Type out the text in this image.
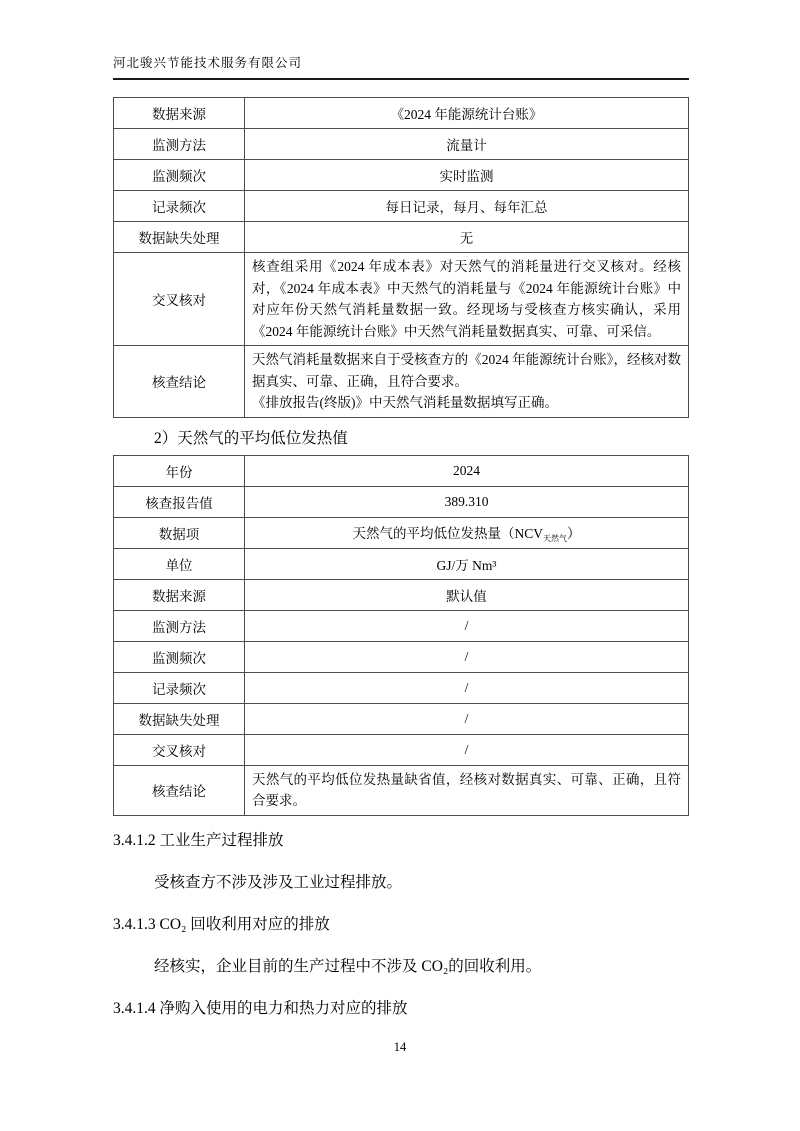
河北骏兴节能技术服务有限公司
数据来源	《2024 年能源统计台账》
监测方法	流量计
监测频次	实时监测
记录频次	每日记录，每月、每年汇总
数据缺失处理	无
交叉核对	核查组采用《2024 年成本表》对天然气的消耗量进行交叉核对。经核对，《2024 年成本表》中天然气的消耗量与《2024 年能源统计台账》中对应年份天然气消耗量数据一致。经现场与受核查方核实确认，采用《2024 年能源统计台账》中天然气消耗量数据真实、可靠、可采信。
核查结论	天然气消耗量数据来自于受核查方的《2024 年能源统计台账》，经核对数据真实、可靠、正确，且符合要求。
《排放报告(终版)》中天然气消耗量数据填写正确。
2）天然气的平均低位发热值
年份	2024
核查报告值	389.310
数据项	天然气的平均低位发热量$(NCV_{天然气})$
单位	GJ/万 Nm³
数据来源	默认值
监测方法	/
监测频次	/
记录频次	/
数据缺失处理	/
交叉核对	/
核查结论	天然气的平均低位发热量缺省值，经核对数据真实、可靠、正确，且符合要求。
3.4.1.2 工业生产过程排放
受核查方不涉及涉及工业过程排放。
3.4.1.3 CO₂ 回收利用对应的排放
经核实，企业目前的生产过程中不涉及 CO₂的回收利用。
3.4.1.4 净购入使用的电力和热力对应的排放
14
